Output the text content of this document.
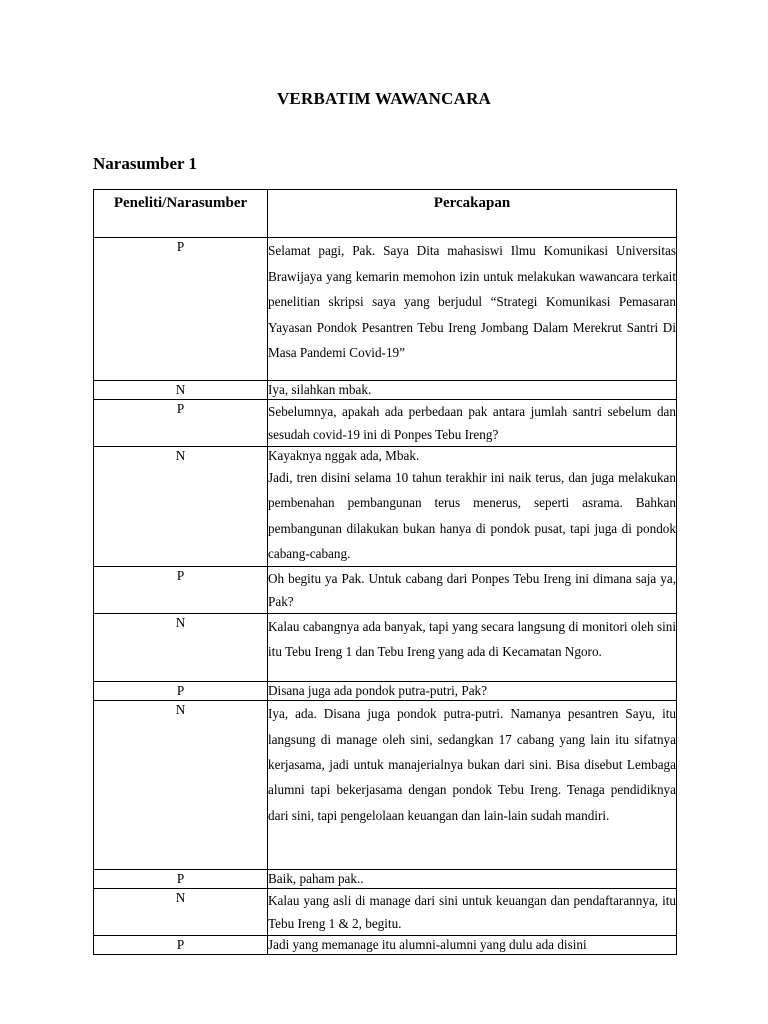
VERBATIM WAWANCARA
Narasumber 1
Peneliti/Narasumber	Percakapan
P	Selamat pagi, Pak. Saya Dita mahasiswi Ilmu Komunikasi Universitas Brawijaya yang kemarin memohon izin untuk melakukan wawancara terkait penelitian skripsi saya yang berjudul “Strategi Komunikasi Pemasaran Yayasan Pondok Pesantren Tebu Ireng Jombang Dalam Merekrut Santri Di Masa Pandemi Covid-19”

N	Iya, silahkan mbak.

P	Sebelumnya, apakah ada perbedaan pak antara jumlah santri sebelum dan sesudah covid-19 ini di Ponpes Tebu Ireng?

N	Kayaknya nggak ada, Mbak.
Jadi, tren disini selama 10 tahun terakhir ini naik terus, dan juga melakukan pembenahan pembangunan terus menerus, seperti asrama. Bahkan pembangunan dilakukan bukan hanya di pondok pusat, tapi juga di pondok cabang-cabang.

P	Oh begitu ya Pak. Untuk cabang dari Ponpes Tebu Ireng ini dimana saja ya, Pak?

N	Kalau cabangnya ada banyak, tapi yang secara langsung di monitori oleh sini itu Tebu Ireng 1 dan Tebu Ireng yang ada di Kecamatan Ngoro.

P	Disana juga ada pondok putra-putri, Pak?

N	Iya, ada. Disana juga pondok putra-putri. Namanya pesantren Sayu, itu langsung di manage oleh sini, sedangkan 17 cabang yang lain itu sifatnya kerjasama, jadi untuk manajerialnya bukan dari sini. Bisa disebut Lembaga alumni tapi bekerjasama dengan pondok Tebu Ireng. Tenaga pendidiknya dari sini, tapi pengelolaan keuangan dan lain-lain sudah mandiri.

P	Baik, paham pak..

N	Kalau yang asli di manage dari sini untuk keuangan dan pendaftarannya, itu Tebu Ireng 1 & 2, begitu.

P	Jadi yang memanage itu alumni-alumni yang dulu ada disini
